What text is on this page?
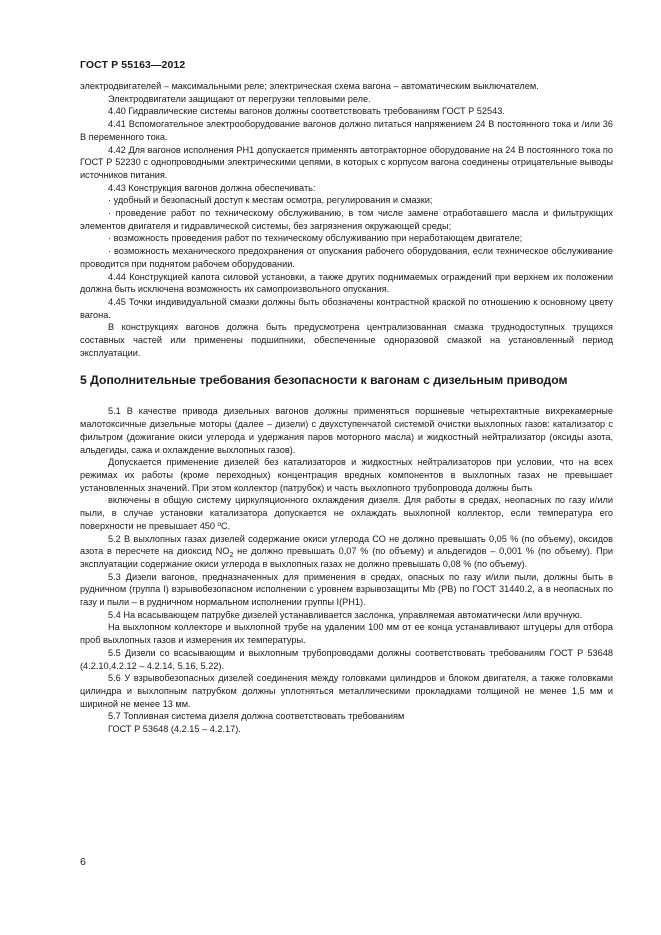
ГОСТ Р 55163—2012

электродвигателей – максимальными реле; электрическая схема вагона – автоматическим выключателем.

Электродвигатели защищают от перегрузки тепловыми реле.

4.40 Гидравлические системы вагонов должны соответствовать требованиям ГОСТ Р 52543.

4.41 Вспомогательное электрооборудование вагонов должно питаться напряжением 24 В постоянного тока и /или 36 В переменного тока.

4.42 Для вагонов исполнения РН1 допускается применять автотракторное оборудование на 24 В постоянного тока по ГОСТ Р 52230 с однопроводными электрическими цепями, в которых с корпусом вагона соединены отрицательные выводы источников питания.

4.43 Конструкция вагонов должна обеспечивать:

· удобный и безопасный доступ к местам осмотра, регулирования и смазки;

· проведение работ по техническому обслуживанию, в том числе замене отработавшего масла и фильтрующих элементов двигателя и гидравлической системы, без загрязнения окружающей среды;

· возможность проведения работ по техническому обслуживанию при неработающем двигателе;

· возможность механического предохранения от опускания рабочего оборудования, если техническое обслуживание проводится при поднятом рабочем оборудовании.

4.44 Конструкцией капота силовой установки, а также других поднимаемых ограждений при верхнем их положении должна быть исключена возможность их самопроизвольного опускания.

4.45 Точки индивидуальной смазки должны быть обозначены контрастной краской по отношению к основному цвету вагона.

В конструкциях вагонов должна быть предусмотрена централизованная смазка труднодоступных трущихся составных частей или применены подшипники, обеспеченные одноразовой смазкой на установленный период эксплуатации.

5 Дополнительные требования безопасности к вагонам с дизельным приводом

5.1 В качестве привода дизельных вагонов должны применяться поршневые четырехтактные вихрекамерные малотоксичные дизельные моторы (далее – дизели) с двухступенчатой системой очистки выхлопных газов: катализатор с фильтром (дожигание окиси углерода и удержания паров моторного масла) и жидкостный нейтрализатор (оксиды азота, альдегиды, сажа и охлаждение выхлопных газов).

Допускается применение дизелей без катализаторов и жидкостных нейтрализаторов при условии, что на всех режимах их работы (кроме переходных) концентрация вредных компонентов в выхлопных газах не превышает установленных значений. При этом коллектор (патрубок) и часть выхлопного трубопровода должны быть

включены в общую систему циркуляционного охлаждения дизеля. Для работы в средах, неопасных по газу и/или пыли, в случае установки катализатора допускается не охлаждать выхлопной коллектор, если температура его поверхности не превышает 450 ºС.

5.2 В выхлопных газах дизелей содержание окиси углерода СО не должно превышать 0,05 % (по объему), оксидов азота в пересчете на диоксид $NO_2$ не должно превышать 0,07 % (по объему) и альдегидов – 0,001 % (по объему). При эксплуатации содержание окиси углерода в выхлопных газах не должно превышать 0,08 % (по объему).

5.3 Дизели вагонов, предназначенных для применения в средах, опасных по газу и/или пыли, должны быть в рудничном (группа I) взрывобезопасном исполнении с уровнем взрывозащиты Mb (РВ) по ГОСТ 31440.2, а в неопасных по газу и пыли – в рудничном нормальном исполнении группы I(РН1).

5.4 На всасывающем патрубке дизелей устанавливается заслонка, управляемая автоматически /или вручную.

На выхлопном коллекторе и выхлопной трубе на удалении 100 мм от ее конца устанавливают штуцеры для отбора проб выхлопных газов и измерения их температуры.

5.5 Дизели со всасывающим и выхлопным трубопроводами должны соответствовать требованиям ГОСТ Р 53648 (4.2.10,4.2.12 – 4.2.14, 5.16, 5.22).

5.6 У взрывобезопасных дизелей соединения между головками цилиндров и блоком двигателя, а также головками цилиндра и выхлопным патрубком должны уплотняться металлическими прокладками толщиной не менее 1,5 мм и шириной не менее 13 мм.

5.7 Топливная система дизеля должна соответствовать требованиям

ГОСТ Р 53648 (4.2.15 – 4.2.17).

6
